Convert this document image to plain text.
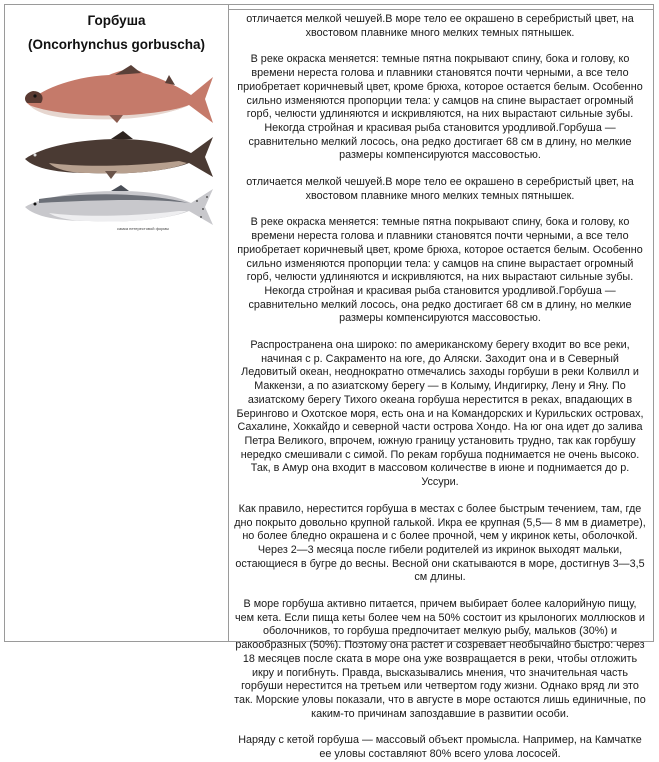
Горбуша
(Oncorhynchus gorbuscha)
самка нетерестовой формы

отличается мелкой чешуей.В море тело ее окрашено в серебристый цвет, на хвостовом плавнике много мелких темных пятнышек.

В реке окраска меняется: темные пятна покрывают спину, бока и голову, ко времени нереста голова и плавники становятся почти черными, а все тело приобретает коричневый цвет, кроме брюха, которое остается белым. Особенно сильно изменяются пропорции тела: у самцов на спине вырастает огромный горб, челюсти удлиняются и искривляются, на них вырастают сильные зубы. Некогда стройная и красивая рыба становится уродливой.Горбуша — сравнительно мелкий лосось, она редко достигает 68 см в длину, но мелкие размеры компенсируются массовостью.

отличается мелкой чешуей.В море тело ее окрашено в серебристый цвет, на хвостовом плавнике много мелких темных пятнышек.

В реке окраска меняется: темные пятна покрывают спину, бока и голову, ко времени нереста голова и плавники становятся почти черными, а все тело приобретает коричневый цвет, кроме брюха, которое остается белым. Особенно сильно изменяются пропорции тела: у самцов на спине вырастает огромный горб, челюсти удлиняются и искривляются, на них вырастают сильные зубы. Некогда стройная и красивая рыба становится уродливой.Горбуша — сравнительно мелкий лосось, она редко достигает 68 см в длину, но мелкие размеры компенсируются массовостью.

Распространена она широко: по американскому берегу входит во все реки, начиная с р. Сакраменто на юге, до Аляски. Заходит она и в Северный Ледовитый океан, неоднократно отмечались заходы горбуши в реки Колвилл и Маккензи, а по азиатскому берегу — в Колыму, Индигирку, Лену и Яну. По азиатскому берегу Тихого океана горбуша нерестится в реках, впадающих в Берингово и Охотское моря, есть она и на Командорских и Курильских островах, Сахалине, Хоккайдо и северной части острова Хондо. На юг она идет до залива Петра Великого, впрочем, южную границу установить трудно, так как горбушу нередко смешивали с симой. По рекам горбуша поднимается не очень высоко. Так, в Амур она входит в массовом количестве в июне и поднимается до р. Уссури.

Как правило, нерестится горбуша в местах с более быстрым течением, там, где дно покрыто довольно крупной галькой. Икра ее крупная (5,5— 8 мм в диаметре), но более бледно окрашена и с более прочной, чем у икринок кеты, оболочкой. Через 2—3 месяца после гибели родителей из икринок выходят мальки, остающиеся в бугре до весны. Весной они скатываются в море, достигнув 3—3,5 см длины.

В море горбуша активно питается, причем выбирает более калорийную пищу, чем кета. Если пища кеты более чем на 50% состоит из крылоногих моллюсков и оболочников, то горбуша предпочитает мелкую рыбу, мальков (30%) и ракообразных (50%). Поэтому она растет и созревает необычайно быстро: через 18 месяцев после ската в море она уже возвращается в реки, чтобы отложить икру и погибнуть. Правда, высказывались мнения, что значительная часть горбуши нерестится на третьем или четвертом году жизни. Однако вряд ли это так. Морские уловы показали, что в августе в море остаются лишь единичные, по каким-то причинам запоздавшие в развитии особи.

Наряду с кетой горбуша — массовый объект промысла. Например, на Камчатке ее уловы составляют 80% всего улова лососей.
